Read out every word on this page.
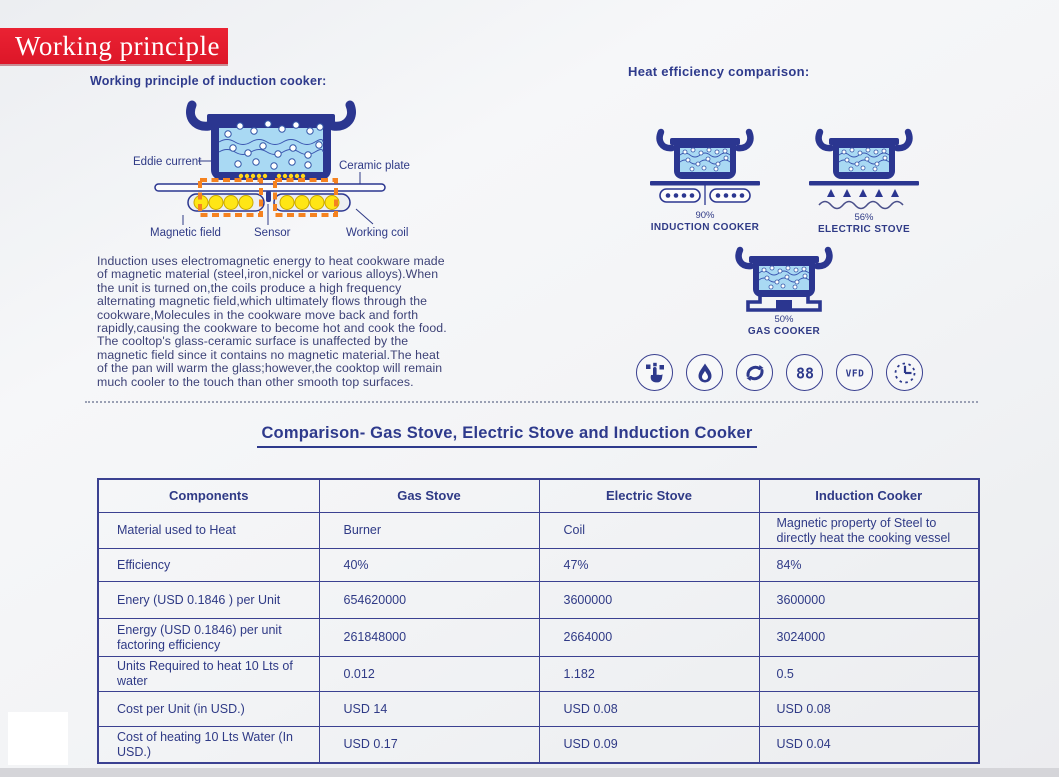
Working principle
Working principle of induction cooker:
Eddie current	Ceramic plate
Magnetic field	Sensor	Working coil
Induction uses electromagnetic energy to heat cookware made
of magnetic material (steel,iron,nickel or various alloys).When
the unit is turned on,the coils produce a high frequency
alternating magnetic field,which ultimately flows through the
cookware,Molecules in the cookware move back and forth
rapidly,causing the cookware to become hot and cook the food.
The cooltop's glass-ceramic surface is unaffected by the
magnetic field since it contains no magnetic material.The heat
of the pan will warm the glass;however,the cooktop will remain
much cooler to the touch than other smooth top surfaces.
Heat efficiency comparison:
90%
INDUCTION COOKER
56%
ELECTRIC STOVE
50%
GAS COOKER
88	VFD
Comparison- Gas Stove, Electric Stove and Induction Cooker
Components	Gas Stove	Electric Stove	Induction Cooker
Material used to Heat	Burner	Coil	Magnetic property of Steel to directly heat the cooking vessel
Efficiency	40%	47%	84%
Enery (USD 0.1846 ) per Unit	654620000	3600000	3600000
Energy (USD 0.1846) per unit factoring efficiency	261848000	2664000	3024000
Units Required to heat 10 Lts of water	0.012	1.182	0.5
Cost per Unit (in USD.)	USD 14	USD 0.08	USD 0.08
Cost of heating 10 Lts Water (In USD.)	USD 0.17	USD 0.09	USD 0.04
